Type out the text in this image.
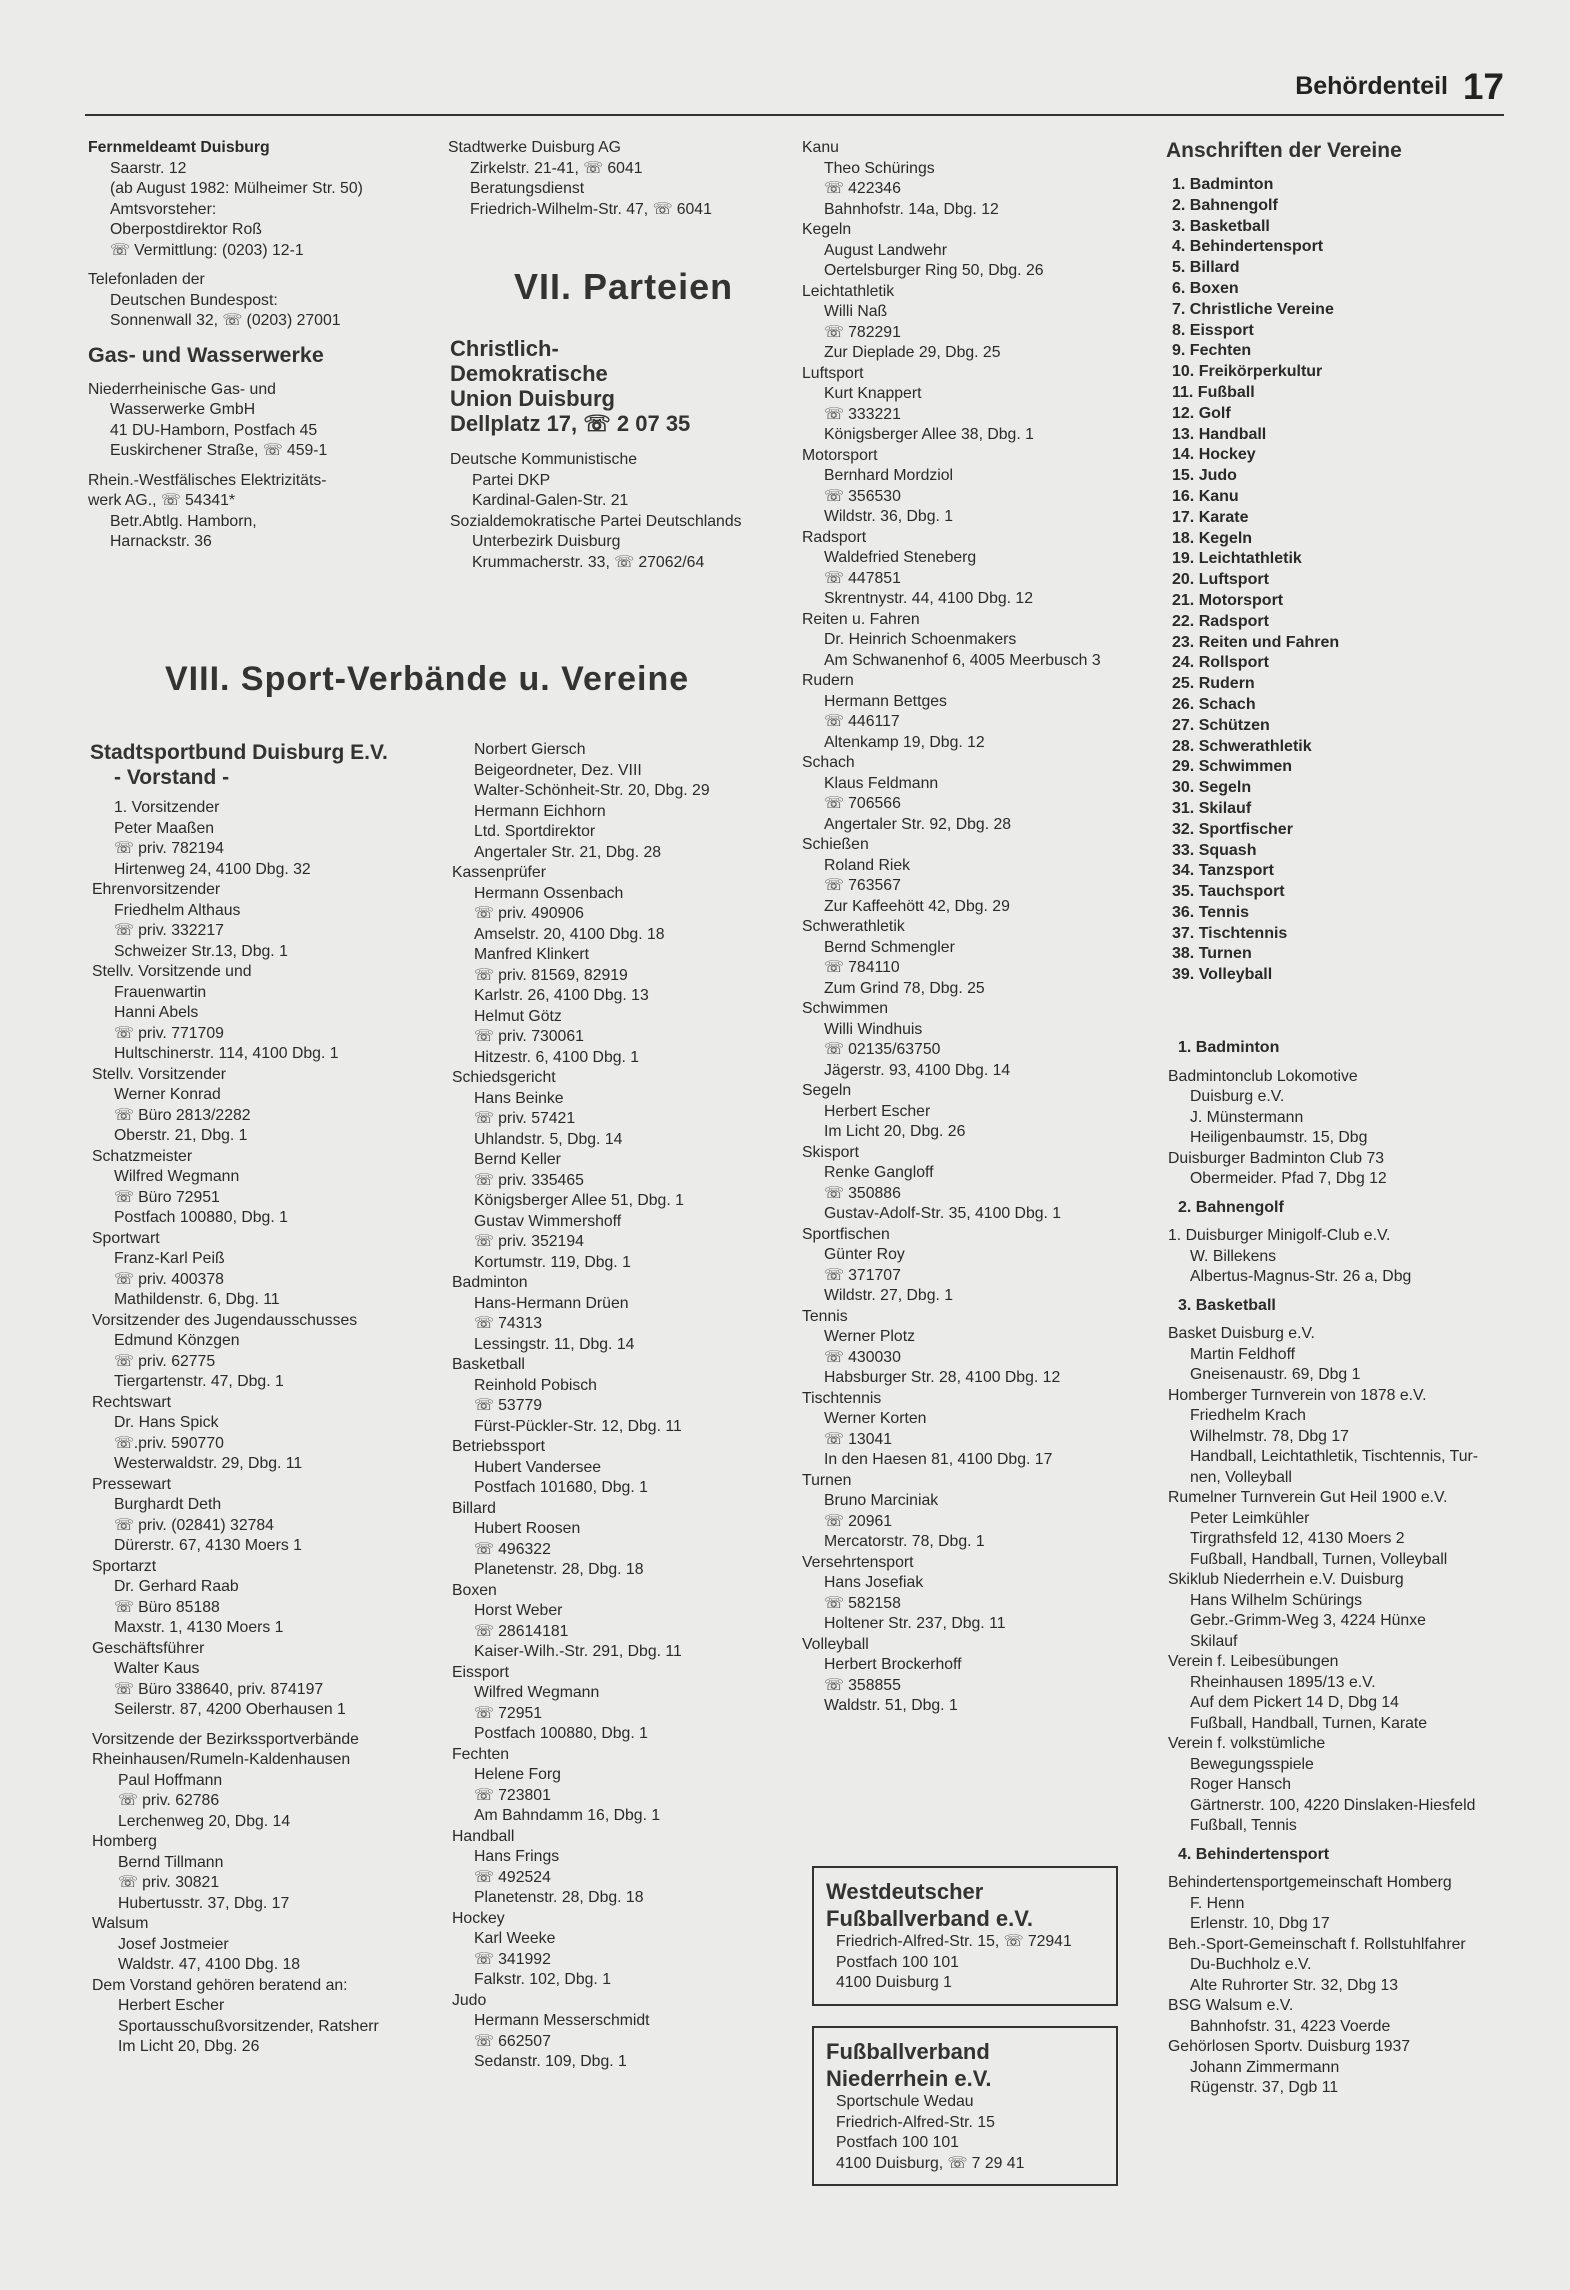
Behördenteil 17
Fernmeldeamt Duisburg
Saarstr. 12
(ab August 1982: Mülheimer Str. 50)
Amtsvorsteher:
Oberpostdirektor Roß
☏ Vermittlung: (0203) 12-1
Telefonladen der
Deutschen Bundespost:
Sonnenwall 32, ☏ (0203) 27001
Gas- und Wasserwerke
Niederrheinische Gas- und
Wasserwerke GmbH
41 DU-Hamborn, Postfach 45
Euskirchener Straße, ☏ 459-1
Rhein.-Westfälisches Elektrizitäts-
werk AG., ☏ 54341*
Betr.Abtlg. Hamborn,
Harnackstr. 36
Stadtwerke Duisburg AG
Zirkelstr. 21-41, ☏ 6041
Beratungsdienst
Friedrich-Wilhelm-Str. 47, ☏ 6041
VII. Parteien
Christlich-
Demokratische
Union Duisburg
Dellplatz 17, ☏ 2 07 35
Deutsche Kommunistische
Partei DKP
Kardinal-Galen-Str. 21
Sozialdemokratische Partei Deutschlands
Unterbezirk Duisburg
Krummacherstr. 33, ☏ 27062/64
VIII. Sport-Verbände u. Vereine
Stadtsportbund Duisburg E.V.
- Vorstand -
1. Vorsitzender
Peter Maaßen
☏ priv. 782194
Hirtenweg 24, 4100 Dbg. 32
Ehrenvorsitzender
Friedhelm Althaus
☏ priv. 332217
Schweizer Str.13, Dbg. 1
Stellv. Vorsitzende und
Frauenwartin
Hanni Abels
☏ priv. 771709
Hultschinerstr. 114, 4100 Dbg. 1
Stellv. Vorsitzender
Werner Konrad
☏ Büro 2813/2282
Oberstr. 21, Dbg. 1
Schatzmeister
Wilfred Wegmann
☏ Büro 72951
Postfach 100880, Dbg. 1
Sportwart
Franz-Karl Peiß
☏ priv. 400378
Mathildenstr. 6, Dbg. 11
Vorsitzender des Jugendausschusses
Edmund Könzgen
☏ priv. 62775
Tiergartenstr. 47, Dbg. 1
Rechtswart
Dr. Hans Spick
☏.priv. 590770
Westerwaldstr. 29, Dbg. 11
Pressewart
Burghardt Deth
☏ priv. (02841) 32784
Dürerstr. 67, 4130 Moers 1
Sportarzt
Dr. Gerhard Raab
☏ Büro 85188
Maxstr. 1, 4130 Moers 1
Geschäftsführer
Walter Kaus
☏ Büro 338640, priv. 874197
Seilerstr. 87, 4200 Oberhausen 1
Vorsitzende der Bezirkssportverbände
Rheinhausen/Rumeln-Kaldenhausen
Paul Hoffmann
☏ priv. 62786
Lerchenweg 20, Dbg. 14
Homberg
Bernd Tillmann
☏ priv. 30821
Hubertusstr. 37, Dbg. 17
Walsum
Josef Jostmeier
Waldstr. 47, 4100 Dbg. 18
Dem Vorstand gehören beratend an:
Herbert Escher
Sportausschußvorsitzender, Ratsherr
Im Licht 20, Dbg. 26
Norbert Giersch
Beigeordneter, Dez. VIII
Walter-Schönheit-Str. 20, Dbg. 29
Hermann Eichhorn
Ltd. Sportdirektor
Angertaler Str. 21, Dbg. 28
Kassenprüfer
Hermann Ossenbach
☏ priv. 490906
Amselstr. 20, 4100 Dbg. 18
Manfred Klinkert
☏ priv. 81569, 82919
Karlstr. 26, 4100 Dbg. 13
Helmut Götz
☏ priv. 730061
Hitzestr. 6, 4100 Dbg. 1
Schiedsgericht
Hans Beinke
☏ priv. 57421
Uhlandstr. 5, Dbg. 14
Bernd Keller
☏ priv. 335465
Königsberger Allee 51, Dbg. 1
Gustav Wimmershoff
☏ priv. 352194
Kortumstr. 119, Dbg. 1
Badminton
Hans-Hermann Drüen
☏ 74313
Lessingstr. 11, Dbg. 14
Basketball
Reinhold Pobisch
☏ 53779
Fürst-Pückler-Str. 12, Dbg. 11
Betriebssport
Hubert Vandersee
Postfach 101680, Dbg. 1
Billard
Hubert Roosen
☏ 496322
Planetenstr. 28, Dbg. 18
Boxen
Horst Weber
☏ 28614181
Kaiser-Wilh.-Str. 291, Dbg. 11
Eissport
Wilfred Wegmann
☏ 72951
Postfach 100880, Dbg. 1
Fechten
Helene Forg
☏ 723801
Am Bahndamm 16, Dbg. 1
Handball
Hans Frings
☏ 492524
Planetenstr. 28, Dbg. 18
Hockey
Karl Weeke
☏ 341992
Falkstr. 102, Dbg. 1
Judo
Hermann Messerschmidt
☏ 662507
Sedanstr. 109, Dbg. 1
Kanu
Theo Schürings
☏ 422346
Bahnhofstr. 14a, Dbg. 12
Kegeln
August Landwehr
Oertelsburger Ring 50, Dbg. 26
Leichtathletik
Willi Naß
☏ 782291
Zur Dieplade 29, Dbg. 25
Luftsport
Kurt Knappert
☏ 333221
Königsberger Allee 38, Dbg. 1
Motorsport
Bernhard Mordziol
☏ 356530
Wildstr. 36, Dbg. 1
Radsport
Waldefried Steneberg
☏ 447851
Skrentnystr. 44, 4100 Dbg. 12
Reiten u. Fahren
Dr. Heinrich Schoenmakers
Am Schwanenhof 6, 4005 Meerbusch 3
Rudern
Hermann Bettges
☏ 446117
Altenkamp 19, Dbg. 12
Schach
Klaus Feldmann
☏ 706566
Angertaler Str. 92, Dbg. 28
Schießen
Roland Riek
☏ 763567
Zur Kaffeehött 42, Dbg. 29
Schwerathletik
Bernd Schmengler
☏ 784110
Zum Grind 78, Dbg. 25
Schwimmen
Willi Windhuis
☏ 02135/63750
Jägerstr. 93, 4100 Dbg. 14
Segeln
Herbert Escher
Im Licht 20, Dbg. 26
Skisport
Renke Gangloff
☏ 350886
Gustav-Adolf-Str. 35, 4100 Dbg. 1
Sportfischen
Günter Roy
☏ 371707
Wildstr. 27, Dbg. 1
Tennis
Werner Plotz
☏ 430030
Habsburger Str. 28, 4100 Dbg. 12
Tischtennis
Werner Korten
☏ 13041
In den Haesen 81, 4100 Dbg. 17
Turnen
Bruno Marciniak
☏ 20961
Mercatorstr. 78, Dbg. 1
Versehrtensport
Hans Josefiak
☏ 582158
Holtener Str. 237, Dbg. 11
Volleyball
Herbert Brockerhoff
☏ 358855
Waldstr. 51, Dbg. 1
Westdeutscher
Fußballverband e.V.
Friedrich-Alfred-Str. 15, ☏ 72941
Postfach 100 101
4100 Duisburg 1
Fußballverband
Niederrhein e.V.
Sportschule Wedau
Friedrich-Alfred-Str. 15
Postfach 100 101
4100 Duisburg, ☏ 7 29 41
Anschriften der Vereine
1. Badminton
2. Bahnengolf
3. Basketball
4. Behindertensport
5. Billard
6. Boxen
7. Christliche Vereine
8. Eissport
9. Fechten
10. Freikörperkultur
11. Fußball
12. Golf
13. Handball
14. Hockey
15. Judo
16. Kanu
17. Karate
18. Kegeln
19. Leichtathletik
20. Luftsport
21. Motorsport
22. Radsport
23. Reiten und Fahren
24. Rollsport
25. Rudern
26. Schach
27. Schützen
28. Schwerathletik
29. Schwimmen
30. Segeln
31. Skilauf
32. Sportfischer
33. Squash
34. Tanzsport
35. Tauchsport
36. Tennis
37. Tischtennis
38. Turnen
39. Volleyball
1. Badminton
Badmintonclub Lokomotive
Duisburg e.V.
J. Münstermann
Heiligenbaumstr. 15, Dbg
Duisburger Badminton Club 73
Obermeider. Pfad 7, Dbg 12
2. Bahnengolf
1. Duisburger Minigolf-Club e.V.
W. Billekens
Albertus-Magnus-Str. 26 a, Dbg
3. Basketball
Basket Duisburg e.V.
Martin Feldhoff
Gneisenaustr. 69, Dbg 1
Homberger Turnverein von 1878 e.V.
Friedhelm Krach
Wilhelmstr. 78, Dbg 17
Handball, Leichtathletik, Tischtennis, Tur-
nen, Volleyball
Rumelner Turnverein Gut Heil 1900 e.V.
Peter Leimkühler
Tirgrathsfeld 12, 4130 Moers 2
Fußball, Handball, Turnen, Volleyball
Skiklub Niederrhein e.V. Duisburg
Hans Wilhelm Schürings
Gebr.-Grimm-Weg 3, 4224 Hünxe
Skilauf
Verein f. Leibesübungen
Rheinhausen 1895/13 e.V.
Auf dem Pickert 14 D, Dbg 14
Fußball, Handball, Turnen, Karate
Verein f. volkstümliche
Bewegungsspiele
Roger Hansch
Gärtnerstr. 100, 4220 Dinslaken-Hiesfeld
Fußball, Tennis
4. Behindertensport
Behindertensportgemeinschaft Homberg
F. Henn
Erlenstr. 10, Dbg 17
Beh.-Sport-Gemeinschaft f. Rollstuhlfahrer
Du-Buchholz e.V.
Alte Ruhrorter Str. 32, Dbg 13
BSG Walsum e.V.
Bahnhofstr. 31, 4223 Voerde
Gehörlosen Sportv. Duisburg 1937
Johann Zimmermann
Rügenstr. 37, Dgb 11
